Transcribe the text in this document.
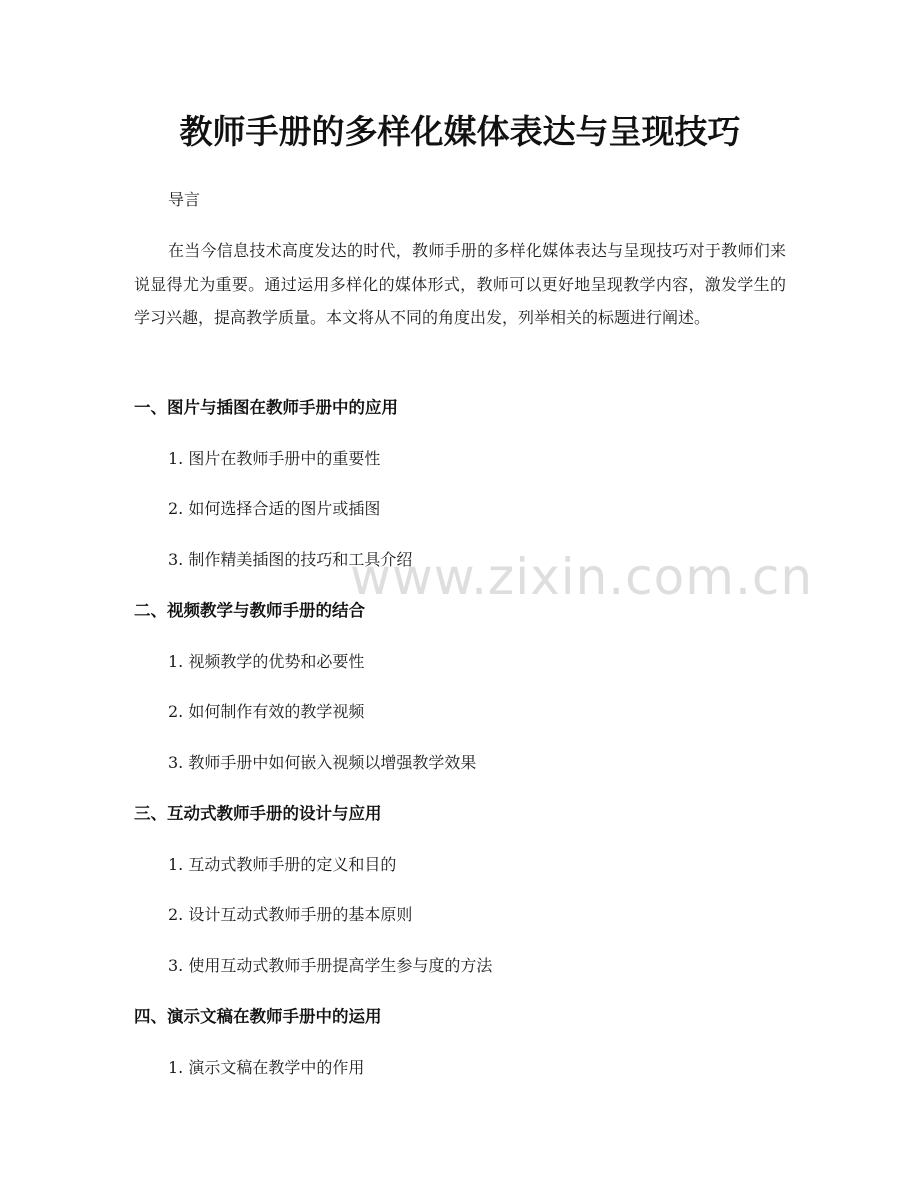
教师手册的多样化媒体表达与呈现技巧

导言

在当今信息技术高度发达的时代，教师手册的多样化媒体表达与呈现技巧对于教师们来说显得尤为重要。通过运用多样化的媒体形式，教师可以更好地呈现教学内容，激发学生的学习兴趣，提高教学质量。本文将从不同的角度出发，列举相关的标题进行阐述。

一、图片与插图在教师手册中的应用

1. 图片在教师手册中的重要性

2. 如何选择合适的图片或插图

3. 制作精美插图的技巧和工具介绍

二、视频教学与教师手册的结合

1. 视频教学的优势和必要性

2. 如何制作有效的教学视频

3. 教师手册中如何嵌入视频以增强教学效果

三、互动式教师手册的设计与应用

1. 互动式教师手册的定义和目的

2. 设计互动式教师手册的基本原则

3. 使用互动式教师手册提高学生参与度的方法

四、演示文稿在教师手册中的运用

1. 演示文稿在教学中的作用

www.zixin.com.cn
